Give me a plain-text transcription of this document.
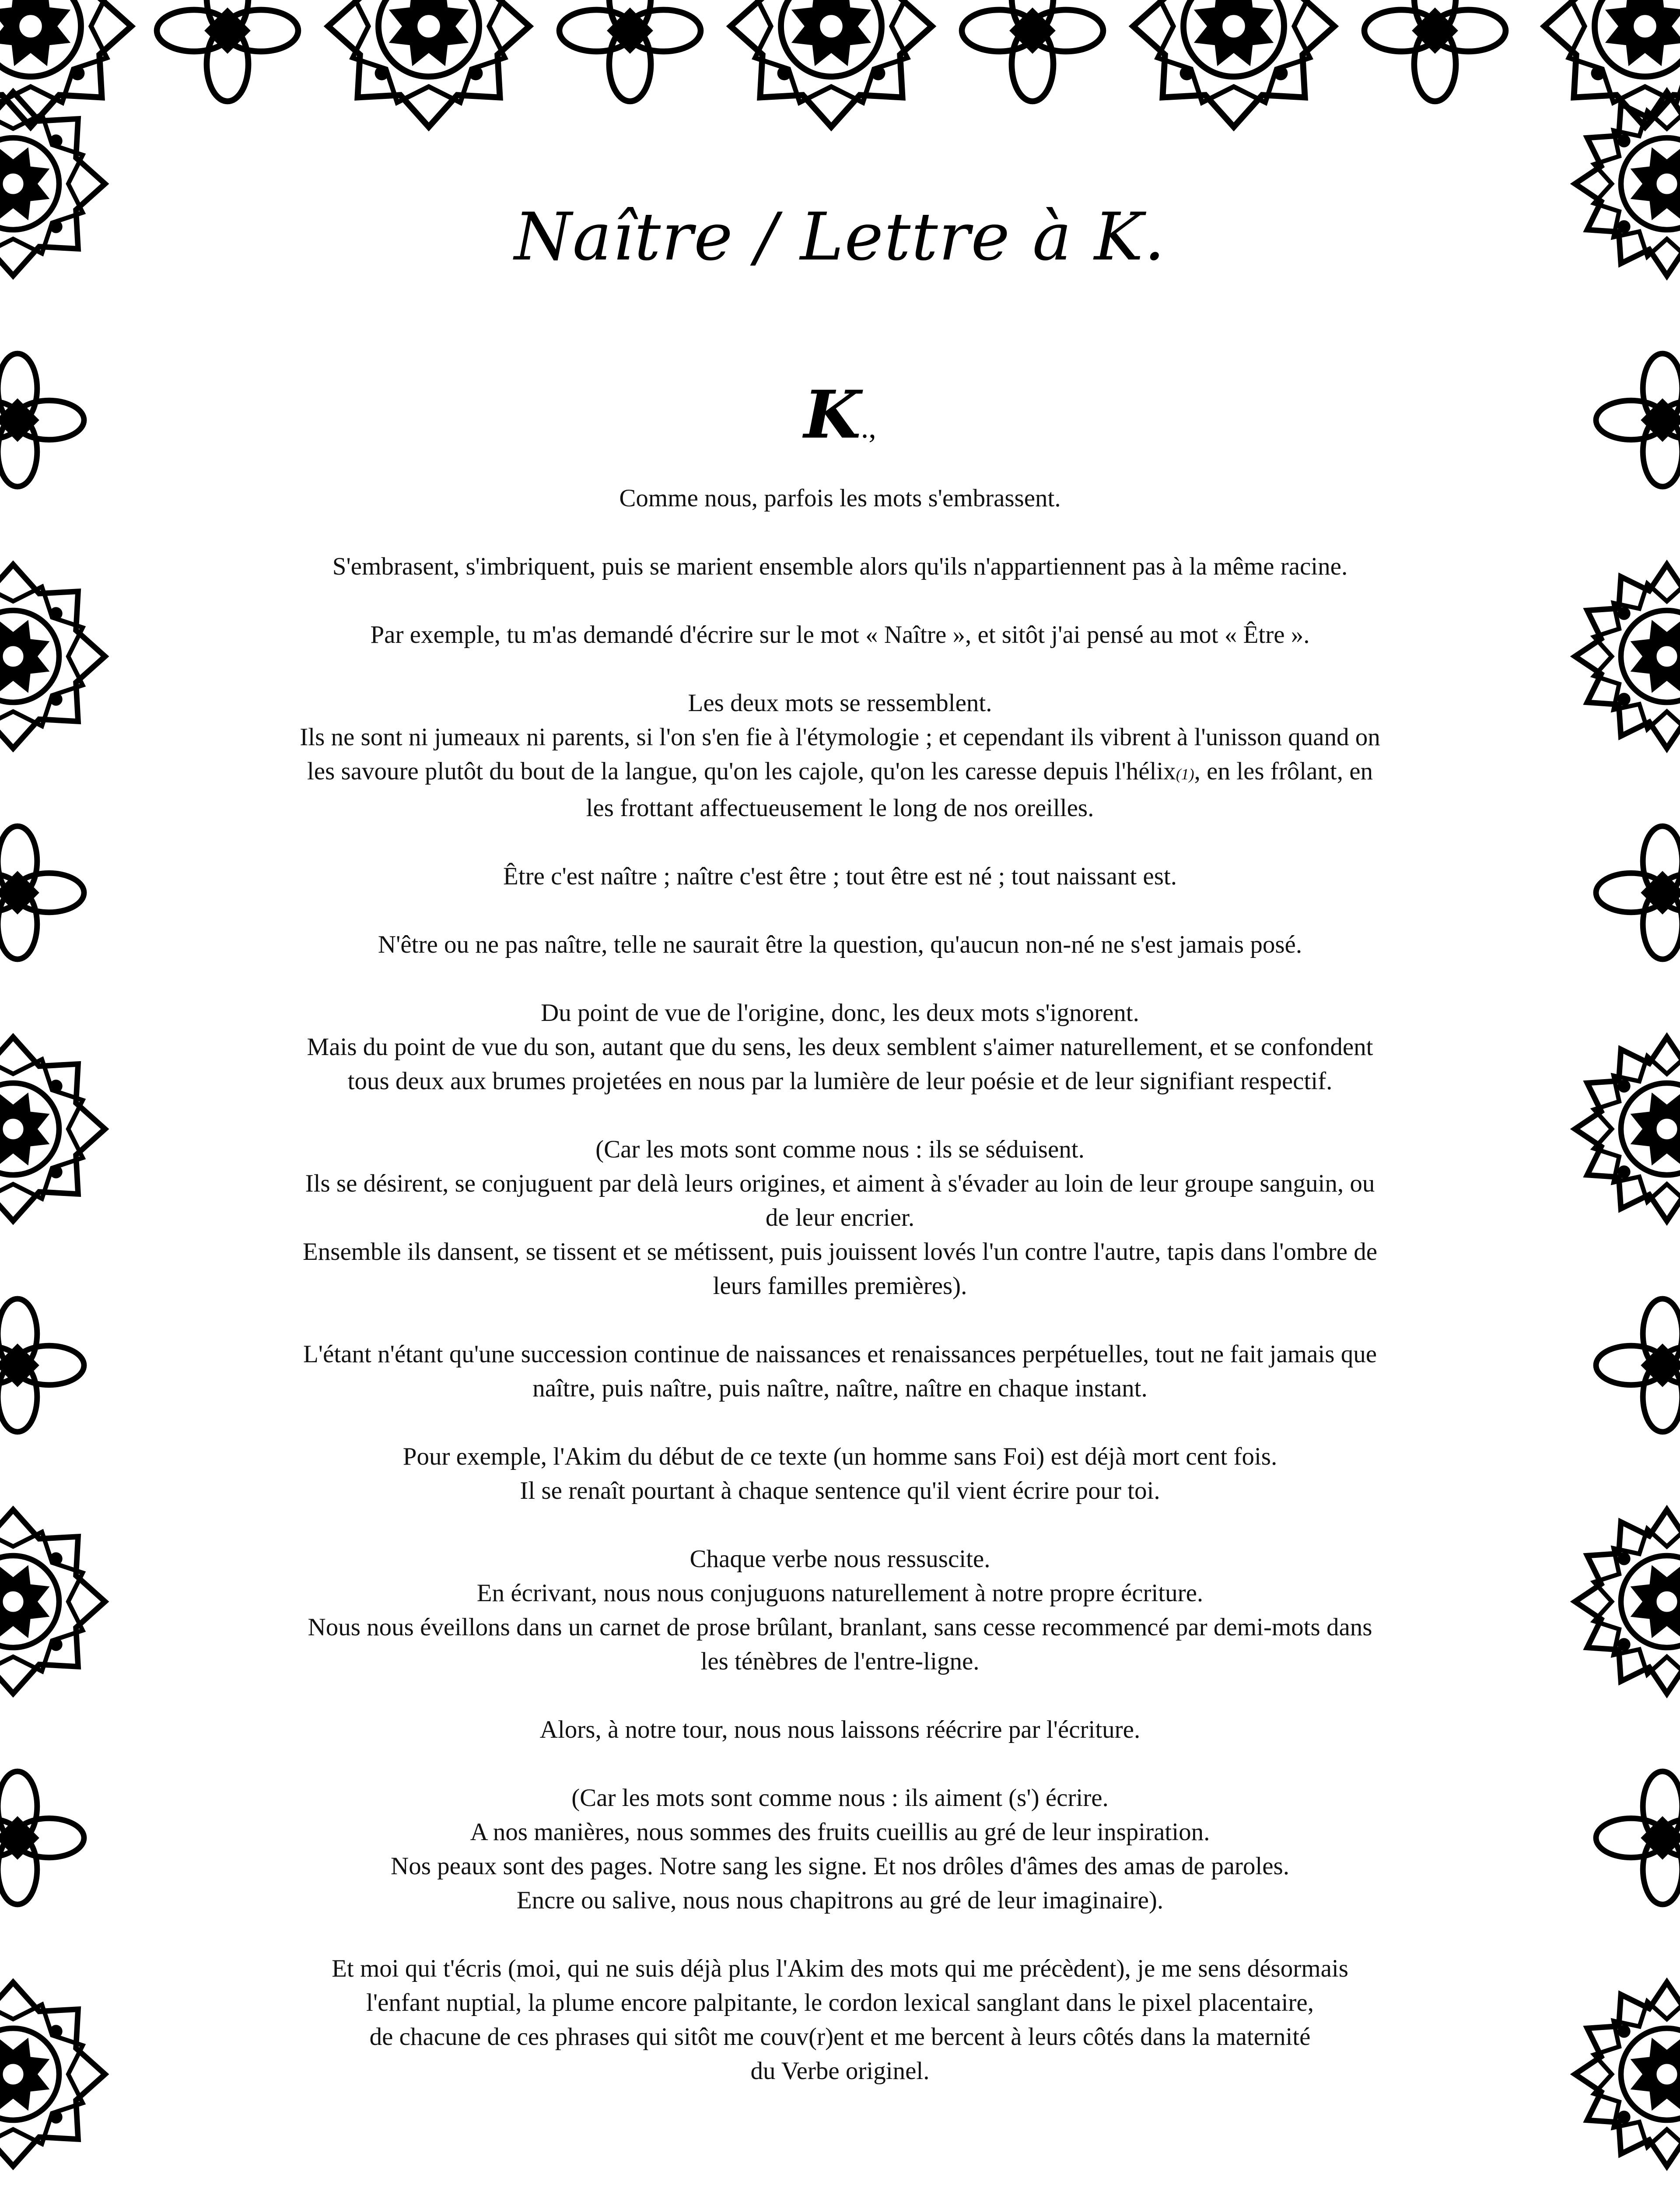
Naître / Lettre à K.
K.,
Comme nous, parfois les mots s'embrassent.
S'embrasent, s'imbriquent, puis se marient ensemble alors qu'ils n'appartiennent pas à la même racine.
Par exemple, tu m'as demandé d'écrire sur le mot « Naître », et sitôt j'ai pensé au mot « Être ».
Les deux mots se ressemblent.
Ils ne sont ni jumeaux ni parents, si l'on s'en fie à l'étymologie ; et cependant ils vibrent à l'unisson quand on
les savoure plutôt du bout de la langue, qu'on les cajole, qu'on les caresse depuis l'hélix(1), en les frôlant, en
les frottant affectueusement le long de nos oreilles.
Être c'est naître ; naître c'est être ; tout être est né ; tout naissant est.
N'être ou ne pas naître, telle ne saurait être la question, qu'aucun non-né ne s'est jamais posé.
Du point de vue de l'origine, donc, les deux mots s'ignorent.
Mais du point de vue du son, autant que du sens, les deux semblent s'aimer naturellement, et se confondent
tous deux aux brumes projetées en nous par la lumière de leur poésie et de leur signifiant respectif.
(Car les mots sont comme nous : ils se séduisent.
Ils se désirent, se conjuguent par delà leurs origines, et aiment à s'évader au loin de leur groupe sanguin, ou
de leur encrier.
Ensemble ils dansent, se tissent et se métissent, puis jouissent lovés l'un contre l'autre, tapis dans l'ombre de
leurs familles premières).
L'étant n'étant qu'une succession continue de naissances et renaissances perpétuelles, tout ne fait jamais que
naître, puis naître, puis naître, naître, naître en chaque instant.
Pour exemple, l'Akim du début de ce texte (un homme sans Foi) est déjà mort cent fois.
Il se renaît pourtant à chaque sentence qu'il vient écrire pour toi.
Chaque verbe nous ressuscite.
En écrivant, nous nous conjuguons naturellement à notre propre écriture.
Nous nous éveillons dans un carnet de prose brûlant, branlant, sans cesse recommencé par demi-mots dans
les ténèbres de l'entre-ligne.
Alors, à notre tour, nous nous laissons réécrire par l'écriture.
(Car les mots sont comme nous : ils aiment (s') écrire.
A nos manières, nous sommes des fruits cueillis au gré de leur inspiration.
Nos peaux sont des pages. Notre sang les signe. Et nos drôles d'âmes des amas de paroles.
Encre ou salive, nous nous chapitrons au gré de leur imaginaire).
Et moi qui t'écris (moi, qui ne suis déjà plus l'Akim des mots qui me précèdent), je me sens désormais
l'enfant nuptial, la plume encore palpitante, le cordon lexical sanglant dans le pixel placentaire,
de chacune de ces phrases qui sitôt me couv(r)ent et me bercent à leurs côtés dans la maternité
du Verbe originel.
